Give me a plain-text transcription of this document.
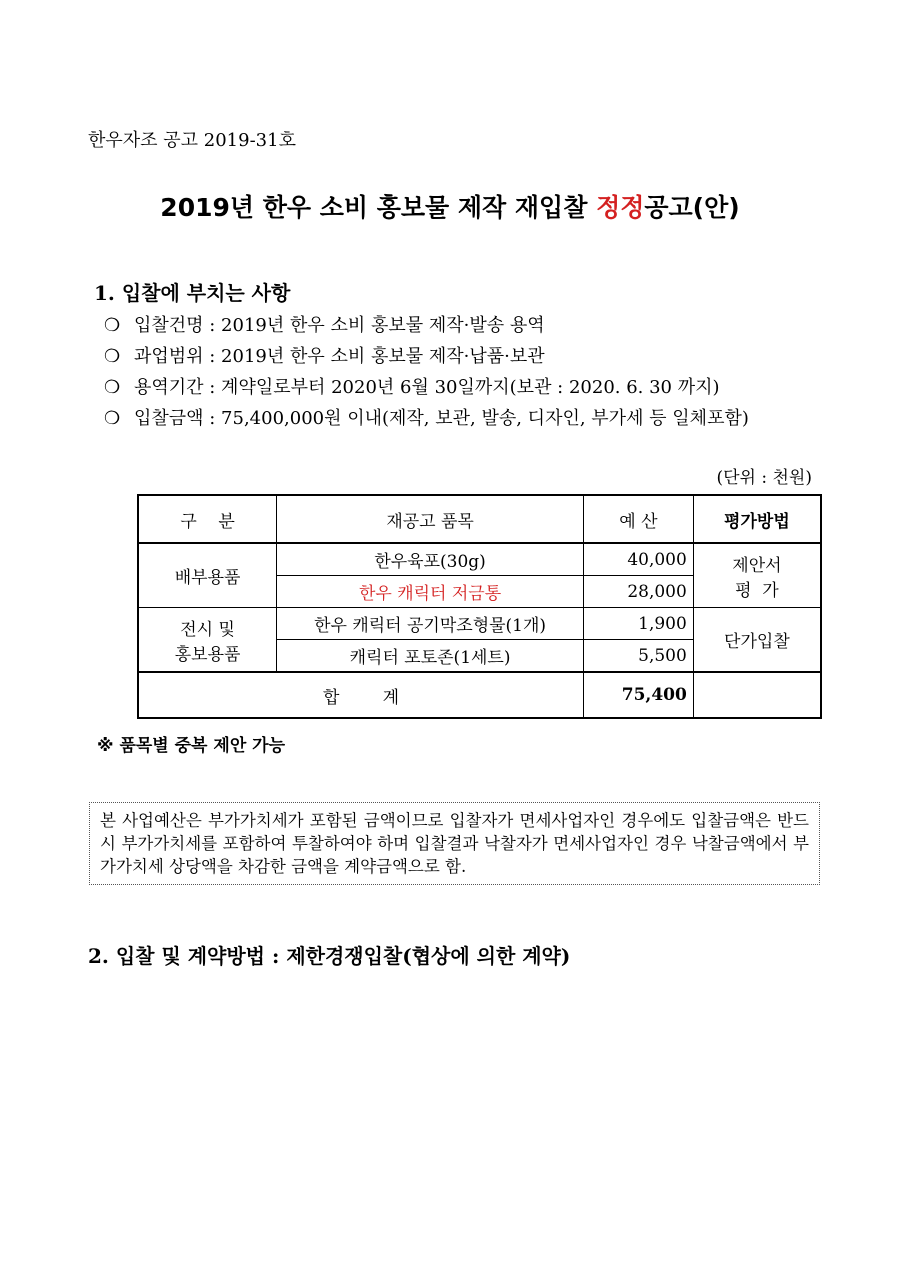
한우자조 공고 2019-31호
2019년 한우 소비 홍보물 제작 재입찰 정정공고(안)
1. 입찰에 부치는 사항
❍ 입찰건명 : 2019년 한우 소비 홍보물 제작·발송 용역
❍ 과업범위 : 2019년 한우 소비 홍보물 제작·납품·보관
❍ 용역기간 : 계약일로부터 2020년 6월 30일까지(보관 : 2020. 6. 30 까지)
❍ 입찰금액 : 75,400,000원 이내(제작, 보관, 발송, 디자인, 부가세 등 일체포함)
(단위 : 천원)
구    분	재공고 품목	예 산	평가방법
배부용품	한우육포(30g)	40,000	제안서
평  가

	한우 캐릭터 저금통	28,000	

전시 및
홍보용품	한우 캐릭터 공기막조형물(1개)	1,900	단가입찰
	캐릭터 포토존(1세트)	5,500	
합        계		75,400	
※ 품목별 중복 제안 가능
본 사업예산은 부가가치세가 포함된 금액이므로 입찰자가 면세사업자인 경우에도 입찰금액은 반드시 부가가치세를 포함하여 투찰하여야 하며 입찰결과 낙찰자가 면세사업자인 경우 낙찰금액에서 부가가치세 상당액을 차감한 금액을 계약금액으로 함.
2. 입찰 및 계약방법 : 제한경쟁입찰(협상에 의한 계약)
